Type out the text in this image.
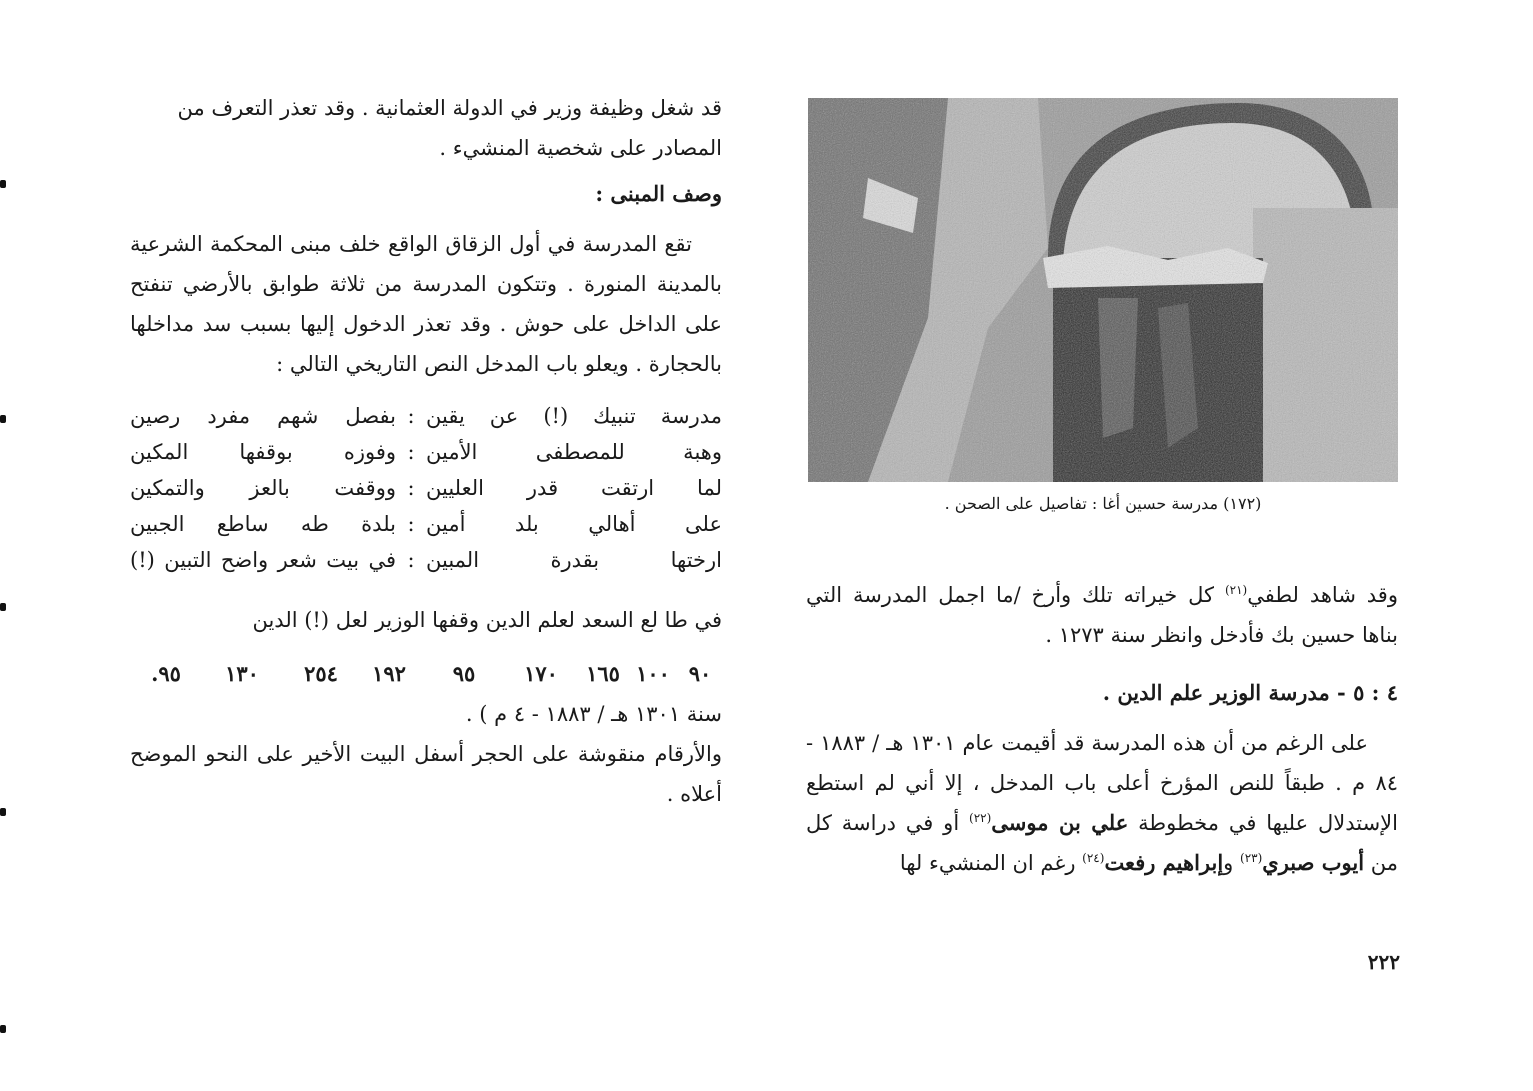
قد شغل وظيفة وزير في الدولة العثمانية . وقد تعذر التعرف من

المصادر على شخصية المنشيء .

وصف المبنى :

تقع المدرسة في أول الزقاق الواقع خلف مبنى المحكمة الشرعية بالمدينة المنورة . وتتكون المدرسة من ثلاثة طوابق بالأرضي تنفتح على الداخل على حوش . وقد تعذر الدخول إليها بسبب سد مداخلها بالحجارة . ويعلو باب المدخل النص التاريخي التالي :

مدرسة تنبيك (!) عن يقين
:
بفصل شهم مفرد رصين
وهبة للمصطفى الأمين
:
وفوزه بوقفها المكين
لما ارتقت قدر العليين
:
ووقفت بالعز والتمكين
على أهالي بلد أمين
:
بلدة طه ساطع الجبين
ارختها بقدرة المبين
:
في بيت شعر واضح التبين (!)

في طا لع السعد لعلم الدين وقفها الوزير لعل (!) الدين

٩٠
١٠٠
١٦٥
١٧٠
٩٥
١٩٢
٢٥٤
١٣٠
٩٥.

سنة ١٣٠١ هـ / ١٨٨٣ - ٤ م ) .

والأرقام منقوشة على الحجر أسفل البيت الأخير على النحو الموضح أعلاه .

(١٧٢) مدرسة حسين أغا : تفاصيل على الصحن .

وقد شاهد لطفي$^{(٢١)}$ كل خيراته تلك وأرخ /ما اجمل المدرسة التي بناها حسين بك فأدخل وانظر سنة ١٢٧٣ .

٤ : ٥ - مدرسة الوزير علم الدين .

على الرغم من أن هذه المدرسة قد أقيمت عام ١٣٠١ هـ / ١٨٨٣ - ٨٤ م . طبقاً للنص المؤرخ أعلى باب المدخل ، إلا أني لم استطع الإستدلال عليها في مخطوطة علي بن موسى$^{(٢٢)}$ أو في دراسة كل من أيوب صبري$^{(٢٣)}$ وإبراهيم رفعت$^{(٢٤)}$ رغم ان المنشيء لها

٢٢٢
